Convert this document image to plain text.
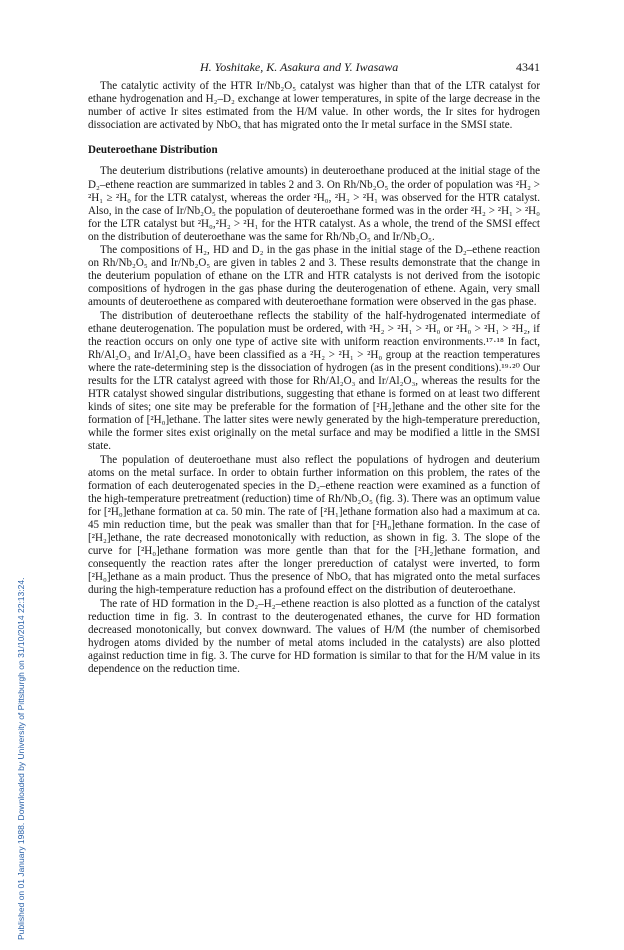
H. Yoshitake, K. Asakura and Y. Iwasawa	4341
Published on 01 January 1988. Downloaded by University of Pittsburgh on 31/10/2014 22:13:24.

The catalytic activity of the HTR Ir/Nb₂O₅ catalyst was higher than that of the LTR catalyst for ethane hydrogenation and H₂–D₂ exchange at lower temperatures, in spite of the large decrease in the number of active Ir sites estimated from the H/M value. In other words, the Ir sites for hydrogen dissociation are activated by NbOₓ that has migrated onto the Ir metal surface in the SMSI state.

Deuteroethane Distribution

The deuterium distributions (relative amounts) in deuteroethane produced at the initial stage of the D₂–ethene reaction are summarized in tables 2 and 3. On Rh/Nb₂O₅ the order of population was ²H₂ > ²H₁ ≥ ²H₀ for the LTR catalyst, whereas the order ²H₀, ²H₂ > ²H₁ was observed for the HTR catalyst. Also, in the case of Ir/Nb₂O₅ the population of deuteroethane formed was in the order ²H₂ > ²H₁ > ²H₀ for the LTR catalyst but ²H₀,²H₂ > ²H₁ for the HTR catalyst. As a whole, the trend of the SMSI effect on the distribution of deuteroethane was the same for Rh/Nb₂O₅ and Ir/Nb₂O₅.

The compositions of H₂, HD and D₂ in the gas phase in the initial stage of the D₂–ethene reaction on Rh/Nb₂O₅ and Ir/Nb₂O₅ are given in tables 2 and 3. These results demonstrate that the change in the deuterium population of ethane on the LTR and HTR catalysts is not derived from the isotopic compositions of hydrogen in the gas phase during the deuterogenation of ethene. Again, very small amounts of deuteroethene as compared with deuteroethane formation were observed in the gas phase.

The distribution of deuteroethane reflects the stability of the half-hydrogenated intermediate of ethane deuterogenation. The population must be ordered, with ²H₂ > ²H₁ > ²H₀ or ²H₀ > ²H₁ > ²H₂, if the reaction occurs on only one type of active site with uniform reaction environments.¹⁷·¹⁸ In fact, Rh/Al₂O₃ and Ir/Al₂O₃ have been classified as a ²H₂ > ²H₁ > ²H₀ group at the reaction temperatures where the rate-determining step is the dissociation of hydrogen (as in the present conditions).¹⁹·²⁰ Our results for the LTR catalyst agreed with those for Rh/Al₂O₃ and Ir/Al₂O₃, whereas the results for the HTR catalyst showed singular distributions, suggesting that ethane is formed on at least two different kinds of sites; one site may be preferable for the formation of [²H₂]ethane and the other site for the formation of [²H₀]ethane. The latter sites were newly generated by the high-temperature prereduction, while the former sites exist originally on the metal surface and may be modified a little in the SMSI state.

The population of deuteroethane must also reflect the populations of hydrogen and deuterium atoms on the metal surface. In order to obtain further information on this problem, the rates of the formation of each deuterogenated species in the D₂–ethene reaction were examined as a function of the high-temperature pretreatment (reduction) time of Rh/Nb₂O₅ (fig. 3). There was an optimum value for [²H₀]ethane formation at ca. 50 min. The rate of [²H₁]ethane formation also had a maximum at ca. 45 min reduction time, but the peak was smaller than that for [²H₀]ethane formation. In the case of [²H₂]ethane, the rate decreased monotonically with reduction, as shown in fig. 3. The slope of the curve for [²H₀]ethane formation was more gentle than that for the [²H₂]ethane formation, and consequently the reaction rates after the longer prereduction of catalyst were inverted, to form [²H₀]ethane as a main product. Thus the presence of NbOₓ that has migrated onto the metal surfaces during the high-temperature reduction has a profound effect on the distribution of deuteroethane.

The rate of HD formation in the D₂–H₂–ethene reaction is also plotted as a function of the catalyst reduction time in fig. 3. In contrast to the deuterogenated ethanes, the curve for HD formation decreased monotonically, but convex downward. The values of H/M (the number of chemisorbed hydrogen atoms divided by the number of metal atoms included in the catalysts) are also plotted against reduction time in fig. 3. The curve for HD formation is similar to that for the H/M value in its dependence on the reduction time.
